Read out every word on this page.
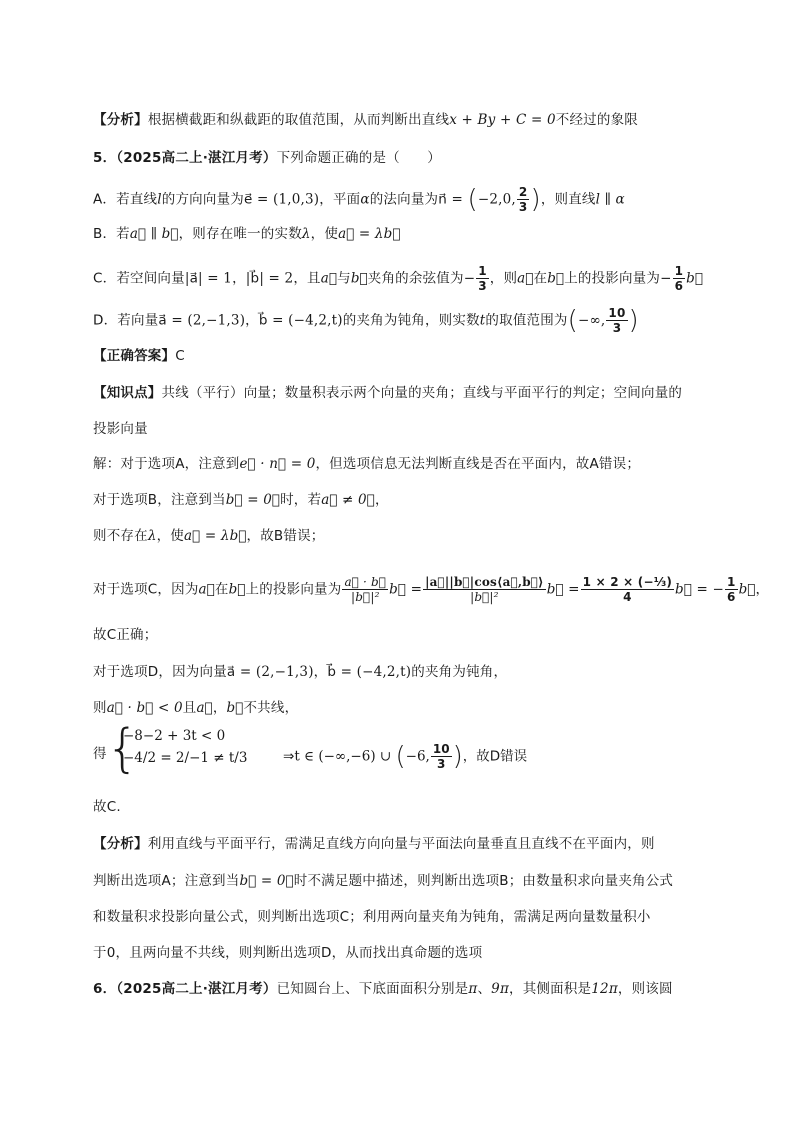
【分析】根据横截距和纵截距的取值范围，从而判断出直线x + By + C = 0不经过的象限
5．（2025高二上·湛江月考）下列命题正确的是（　　）
A．若直线l的方向向量为e⃗ = (1,0,3)，平面α的法向量为n⃗ = (−2,0, $\frac{2}{3}$ )，则直线l ∥ α
B．若a⃗ ∥ b⃗，则存在唯一的实数λ，使a⃗ = λb⃗
C．若空间向量|a⃗| = 1，|b⃗| = 2，且a⃗与b⃗夹角的余弦值为− $\frac{1}{3}$ ，则a⃗在b⃗上的投影向量为− $\frac{1}{6}$ b⃗
D．若向量a⃗ = (2,−1,3)，b⃗ = (−4,2,t)的夹角为钝角，则实数t的取值范围为(−∞, $\frac{10}{3}$ )
【正确答案】C
【知识点】共线（平行）向量；数量积表示两个向量的夹角；直线与平面平行的判定；空间向量的
投影向量
解：对于选项A，注意到e⃗ · n⃗ = 0，但选项信息无法判断直线是否在平面内，故A错误；
对于选项B，注意到当b⃗ = 0⃗时，若a⃗ ≠ 0⃗，
则不存在λ，使a⃗ = λb⃗，故B错误；
对于选项C，因为a⃗在b⃗上的投影向量为 $\frac{a⃗ \cdot b⃗}{\text{|b⃗|²}}$ b⃗ = $\frac{|a⃗||b⃗|\cos⟨a⃗,b⃗⟩}{\text{|b⃗|²}}$ b⃗ = $\frac{\text{1 × 2 × (−⅓)}}{4}$ b⃗ = − $\frac{1}{6}$ b⃗，
故C正确；
对于选项D，因为向量a⃗ = (2,−1,3)，b⃗ = (−4,2,t)的夹角为钝角，
则a⃗ · b⃗ < 0且a⃗，b⃗不共线，
得 {
−8−2 + 3t < 0
−4/2 = 2/−1 ≠ t/3	⇒t ∈ (−∞,−6) ∪ (−6, $\frac{10}{3}$ )，故D错误
故C.
【分析】利用直线与平面平行，需满足直线方向向量与平面法向量垂直且直线不在平面内，则
判断出选项A；注意到当b⃗ = 0⃗时不满足题中描述，则判断出选项B；由数量积求向量夹角公式
和数量积求投影向量公式，则判断出选项C；利用两向量夹角为钝角，需满足两向量数量积小
于0，且两向量不共线，则判断出选项D，从而找出真命题的选项
6．（2025高二上·湛江月考）已知圆台上、下底面面积分别是π、9π，其侧面积是12π，则该圆
